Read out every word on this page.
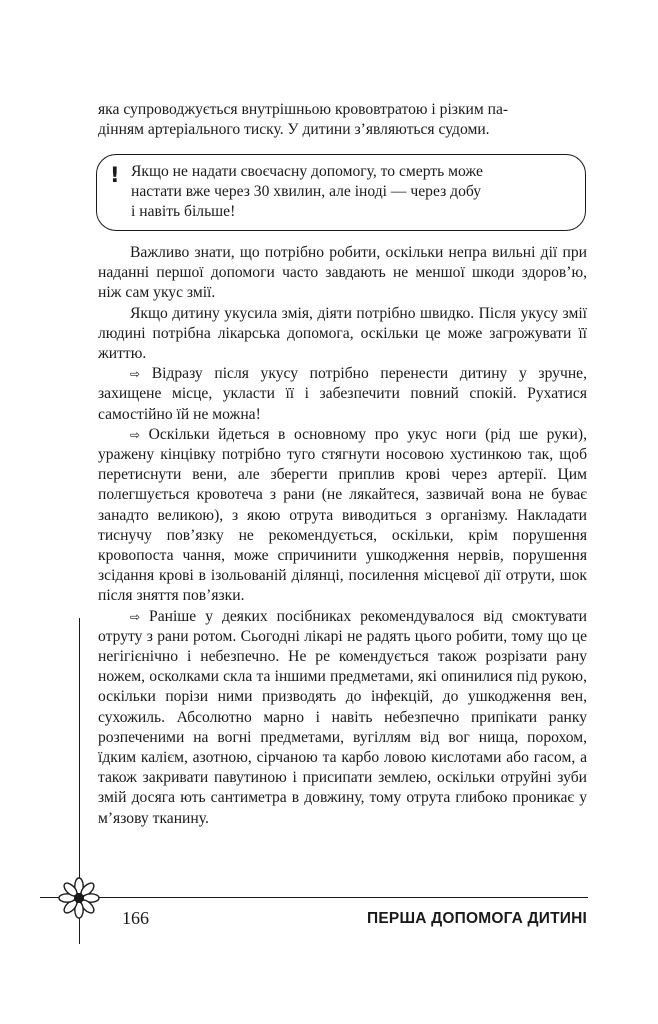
яка супроводжується внутрішньою крововтратою і різким па-

дінням артеріального тиску. У дитини з’являються судоми.

! Якщо не надати своєчасну допомогу, то смерть може
настати вже через 30 хвилин, але іноді — через добу
і навіть більше!

Важливо знати, що потрібно робити, оскільки непра вильні дії при наданні першої допомоги часто завдають не меншої шкоди здоров’ю, ніж сам укус змії.

Якщо дитину укусила змія, діяти потрібно швидко. Після укусу змії людині потрібна лікарська допомога, оскільки це може загрожувати її життю.

⇨ Відразу після укусу потрібно перенести дитину у зручне, захищене місце, укласти її і забезпечити повний спокій. Рухатися самостійно їй не можна!

⇨ Оскільки йдеться в основному про укус ноги (рід ше руки), уражену кінцівку потрібно туго стягнути носовою хустинкою так, щоб перетиснути вени, але зберегти приплив крові через артерії. Цим полегшується кровотеча з рани (не лякайтеся, зазвичай вона не буває занадто великою), з якою отрута виводиться з організму. Накладати тиснучу пов’язку не рекомендується, оскільки, крім порушення кровопоста чання, може спричинити ушкодження нервів, порушення зсідання крові в ізольованій ділянці, посилення місцевої дії отрути, шок після зняття пов’язки.

⇨ Раніше у деяких посібниках рекомендувалося від смоктувати отруту з рани ротом. Сьогодні лікарі не радять цього робити, тому що це негігієнічно і небезпечно. Не ре комендується також розрізати рану ножем, осколками скла та іншими предметами, які опинилися під рукою, оскільки порізи ними призводять до інфекцій, до ушкодження вен, сухожиль. Абсолютно марно і навіть небезпечно припікати ранку розпеченими на вогні предметами, вугіллям від вог нища, порохом, їдким калієм, азотною, сірчаною та карбо ловою кислотами або гасом, а також закривати павутиною і присипати землею, оскільки отруйні зуби змій досяга ють сантиметра в довжину, тому отрута глибоко проникає у м’язову тканину.

166	ПЕРША ДОПОМОГА ДИТИНІ
